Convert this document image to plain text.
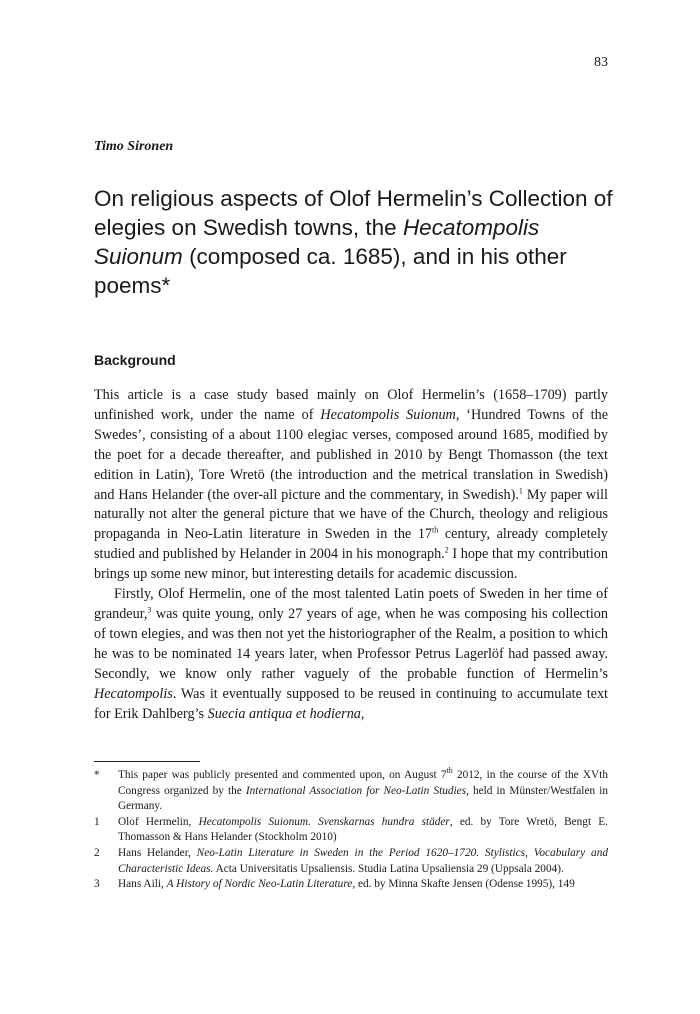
83
Timo Sironen
On religious aspects of Olof Hermelin’s Collection of elegies on Swedish towns, the Hecatompolis Suionum (composed ca. 1685), and in his other poems*
Background

This article is a case study based mainly on Olof Hermelin’s (1658–1709) partly unfinished work, under the name of Hecatompolis Suionum, ‘Hundred Towns of the Swedes’, consisting of a about 1100 elegiac verses, composed around 1685, modified by the poet for a decade thereafter, and published in 2010 by Bengt Thomasson (the text edition in Latin), Tore Wretö (the introduction and the metrical translation in Swedish) and Hans Helander (the over-all picture and the commentary, in Swedish).$^1$ My paper will naturally not alter the general picture that we have of the Church, theology and religious propaganda in Neo-Latin literature in Sweden in the 17th century, already completely studied and published by Helander in 2004 in his monograph.$^2$ I hope that my contribution brings up some new minor, but interesting details for academic discussion.

Firstly, Olof Hermelin, one of the most talented Latin poets of Sweden in her time of grandeur,$^3$ was quite young, only 27 years of age, when he was composing his collection of town elegies, and was then not yet the historiographer of the Realm, a position to which he was to be nominated 14 years later, when Professor Petrus Lagerlöf had passed away. Secondly, we know only rather vaguely of the probable function of Hermelin’s Hecatompolis. Was it eventually supposed to be reused in continuing to accumulate text for Erik Dahlberg’s Suecia antiqua et hodierna,

*	This paper was publicly presented and commented upon, on August 7th 2012, in the course of the XVth Congress organized by the International Association for Neo-Latin Studies, held in Münster/Westfalen in Germany.
1	Olof Hermelin, Hecatompolis Suionum. Svenskarnas hundra städer, ed. by Tore Wretö, Bengt E. Thomasson & Hans Helander (Stockholm 2010)
2	Hans Helander, Neo-Latin Literature in Sweden in the Period 1620–1720. Stylistics, Vocabulary and Characteristic Ideas. Acta Universitatis Upsaliensis. Studia Latina Upsaliensia 29 (Uppsala 2004).
3	Hans Aili, A History of Nordic Neo-Latin Literature, ed. by Minna Skafte Jensen (Odense 1995), 149
